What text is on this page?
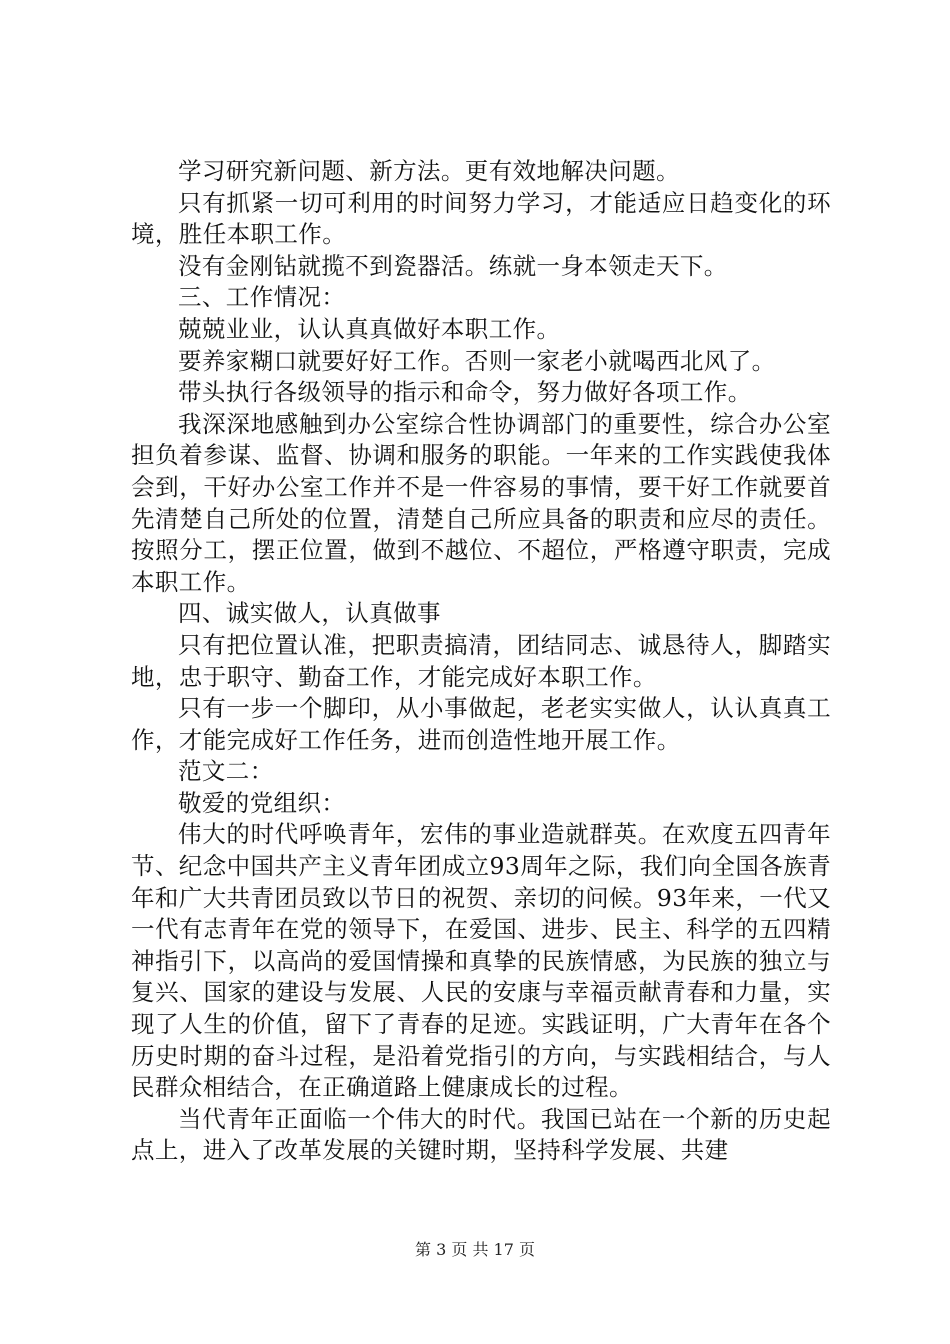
学习研究新问题、新方法。更有效地解决问题。

只有抓紧一切可利用的时间努力学习，才能适应日趋变化的环境，胜任本职工作。

没有金刚钻就揽不到瓷器活。练就一身本领走天下。

三、工作情况：

兢兢业业，认认真真做好本职工作。

要养家糊口就要好好工作。否则一家老小就喝西北风了。

带头执行各级领导的指示和命令，努力做好各项工作。

我深深地感触到办公室综合性协调部门的重要性，综合办公室担负着参谋、监督、协调和服务的职能。一年来的工作实践使我体会到，干好办公室工作并不是一件容易的事情，要干好工作就要首先清楚自己所处的位置，清楚自己所应具备的职责和应尽的责任。按照分工，摆正位置，做到不越位、不超位，严格遵守职责，完成本职工作。

四、诚实做人，认真做事

只有把位置认准，把职责搞清，团结同志、诚恳待人，脚踏实地，忠于职守、勤奋工作，才能完成好本职工作。

只有一步一个脚印，从小事做起，老老实实做人，认认真真工作，才能完成好工作任务，进而创造性地开展工作。

范文二：

敬爱的党组织：

伟大的时代呼唤青年，宏伟的事业造就群英。在欢度五四青年节、纪念中国共产主义青年团成立93周年之际，我们向全国各族青年和广大共青团员致以节日的祝贺、亲切的问候。93年来，一代又一代有志青年在党的领导下，在爱国、进步、民主、科学的五四精神指引下，以高尚的爱国情操和真挚的民族情感，为民族的独立与复兴、国家的建设与发展、人民的安康与幸福贡献青春和力量，实现了人生的价值，留下了青春的足迹。实践证明，广大青年在各个历史时期的奋斗过程，是沿着党指引的方向，与实践相结合，与人民群众相结合，在正确道路上健康成长的过程。

当代青年正面临一个伟大的时代。我国已站在一个新的历史起点上，进入了改革发展的关键时期，坚持科学发展、共建

第 3 页 共 17 页
